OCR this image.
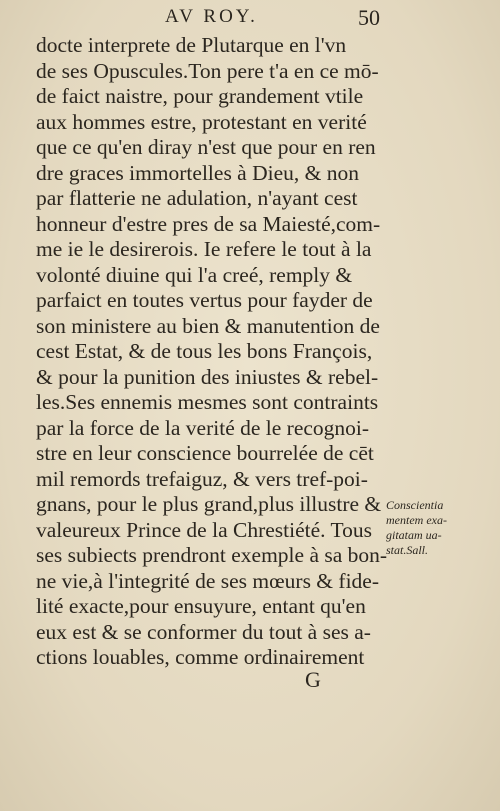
AV ROY.	50
docte interprete de Plutarque en l'vn
de ses Opuscules.Ton pere t'a en ce mō-
de faict naistre, pour grandement vtile
aux hommes estre, protestant en verité
que ce qu'en diray n'est que pour en ren
dre graces immortelles à Dieu, & non
par flatterie ne adulation, n'ayant cest
honneur d'estre pres de sa Maiesté,com-
me ie le desirerois. Ie refere le tout à la
volonté diuine qui l'a creé, remply &
parfaict en toutes vertus pour fayder de
son ministere au bien & manutention de
cest Estat, & de tous les bons François,
& pour la punition des iniustes & rebel-
les.Ses ennemis mesmes sont contraints
par la force de la verité de le recognoi-
stre en leur conscience bourrelée de cēt
mil remords trefaiguz, & vers tref-poi-
gnans, pour le plus grand,plus illustre &
valeureux Prince de la Chrestiété. Tous
ses subiects prendront exemple à sa bon-
ne vie,à l'integrité de ses mœurs & fide-
lité exacte,pour ensuyure, entant qu'en
eux est & se conformer du tout à ses a-
ctions louables, comme ordinairement
Conscientia
mentem exa-
gitatam ua-
stat.Sall.
G
